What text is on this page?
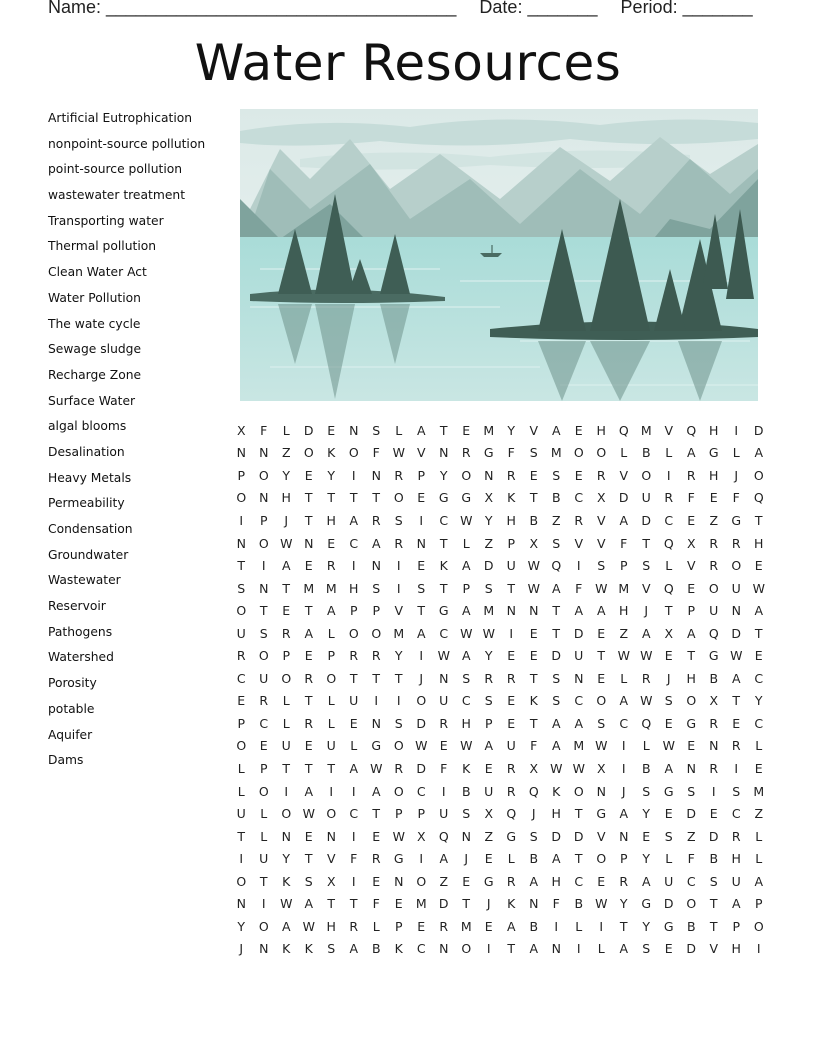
Name: ___________________________________ Date: _______ Period: _______
Water Resources
Artificial Eutrophication
nonpoint-source pollution
point-source pollution
wastewater treatment
Transporting water
Thermal pollution
Clean Water Act
Water Pollution
The wate cycle
Sewage sludge
Recharge Zone
Surface Water
algal blooms
Desalination
Heavy Metals
Permeability
Condensation
Groundwater
Wastewater
Reservoir
Pathogens
Watershed
Porosity
potable
Aquifer
Dams
X	F	L	D	E	N	S	L	A	T	E	M	Y	V	A	E	H	Q	M	V	Q	H	I	D
N	N	Z	O	K	O	F	W	V	N	R	G	F	S	M	O	O	L	B	L	A	G	L	A
P	O	Y	E	Y	I	N	R	P	Y	O	N	R	E	S	E	R	V	O	I	R	H	J	O
O	N	H	T	T	T	T	O	E	G	G	X	K	T	B	C	X	D	U	R	F	E	F	Q
I	P	J	T	H	A	R	S	I	C	W	Y	H	B	Z	R	V	A	D	C	E	Z	G	T
N	O	W	N	E	C	A	R	N	T	L	Z	P	X	S	V	V	F	T	Q	X	R	R	H
T	I	A	E	R	I	N	I	E	K	A	D	U	W	Q	I	S	P	S	L	V	R	O	E
S	N	T	M	M	H	S	I	S	T	P	S	T	W	A	F	W	M	V	Q	E	O	U	W
O	T	E	T	A	P	P	V	T	G	A	M	N	N	T	A	A	H	J	T	P	U	N	A
U	S	R	A	L	O	O	M	A	C	W	W	I	E	T	D	E	Z	A	X	A	Q	D	T
R	O	P	E	P	R	R	Y	I	W	A	Y	E	E	D	U	T	W	W	E	T	G	W	E
C	U	O	R	O	T	T	T	J	N	S	R	R	T	S	N	E	L	R	J	H	B	A	C
E	R	L	T	L	U	I	I	O	U	C	S	E	K	S	C	O	A	W	S	O	X	T	Y
P	C	L	R	L	E	N	S	D	R	H	P	E	T	A	A	S	C	Q	E	G	R	E	C
O	E	U	E	U	L	G	O	W	E	W	A	U	F	A	M	W	I	L	W	E	N	R	L
L	P	T	T	T	A	W	R	D	F	K	E	R	X	W	W	X	I	B	A	N	R	I	E
L	O	I	A	I	I	A	O	C	I	B	U	R	Q	K	O	N	J	S	G	S	I	S	M
U	L	O	W	O	C	T	P	P	U	S	X	Q	J	H	T	G	A	Y	E	D	E	C	Z
T	L	N	E	N	I	E	W	X	Q	N	Z	G	S	D	D	V	N	E	S	Z	D	R	L
I	U	Y	T	V	F	R	G	I	A	J	E	L	B	A	T	O	P	Y	L	F	B	H	L
O	T	K	S	X	I	E	N	O	Z	E	G	R	A	H	C	E	R	A	U	C	S	U	A
N	I	W	A	T	T	F	E	M	D	T	J	K	N	F	B	W	Y	G	D	O	T	A	P
Y	O	A	W	H	R	L	P	E	R	M	E	A	B	I	L	I	T	Y	G	B	T	P	O
J	N	K	K	S	A	B	K	C	N	O	I	T	A	N	I	L	A	S	E	D	V	H	I
